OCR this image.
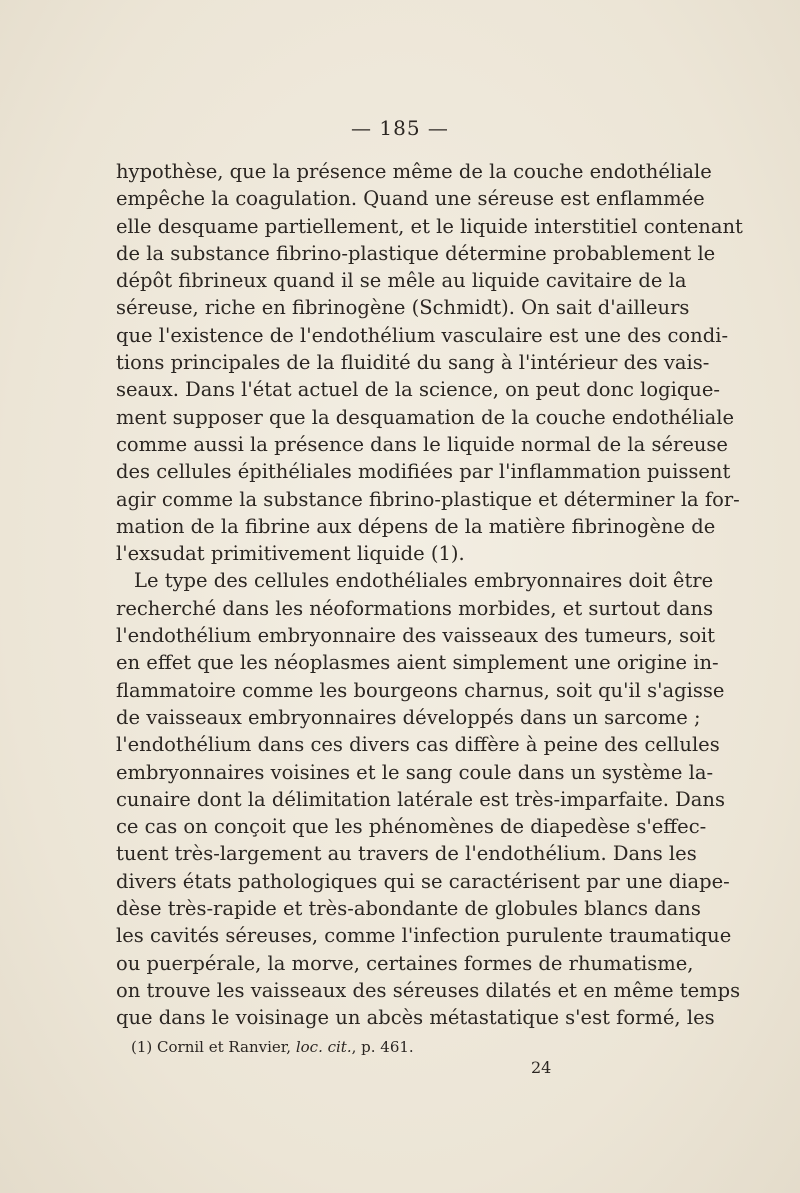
— 185 —
hypothèse, que la présence même de la couche endothéliale
empêche la coagulation. Quand une séreuse est enflammée
elle desquame partiellement, et le liquide interstitiel contenant
de la substance fibrino-plastique détermine probablement le
dépôt fibrineux quand il se mêle au liquide cavitaire de la
séreuse, riche en fibrinogène (Schmidt). On sait d'ailleurs
que l'existence de l'endothélium vasculaire est une des condi-
tions principales de la fluidité du sang à l'intérieur des vais-
seaux. Dans l'état actuel de la science, on peut donc logique-
ment supposer que la desquamation de la couche endothéliale
comme aussi la présence dans le liquide normal de la séreuse
des cellules épithéliales modifiées par l'inflammation puissent
agir comme la substance fibrino-plastique et déterminer la for-
mation de la fibrine aux dépens de la matière fibrinogène de
l'exsudat primitivement liquide (1).
Le type des cellules endothéliales embryonnaires doit être
recherché dans les néoformations morbides, et surtout dans
l'endothélium embryonnaire des vaisseaux des tumeurs, soit
en effet que les néoplasmes aient simplement une origine in-
flammatoire comme les bourgeons charnus, soit qu'il s'agisse
de vaisseaux embryonnaires développés dans un sarcome ;
l'endothélium dans ces divers cas diffère à peine des cellules
embryonnaires voisines et le sang coule dans un système la-
cunaire dont la délimitation latérale est très-imparfaite. Dans
ce cas on conçoit que les phénomènes de diapedèse s'effec-
tuent très-largement au travers de l'endothélium. Dans les
divers états pathologiques qui se caractérisent par une diape-
dèse très-rapide et très-abondante de globules blancs dans
les cavités séreuses, comme l'infection purulente traumatique
ou puerpérale, la morve, certaines formes de rhumatisme,
on trouve les vaisseaux des séreuses dilatés et en même temps
que dans le voisinage un abcès métastatique s'est formé, les
(1) Cornil et Ranvier, loc. cit., p. 461.
24
